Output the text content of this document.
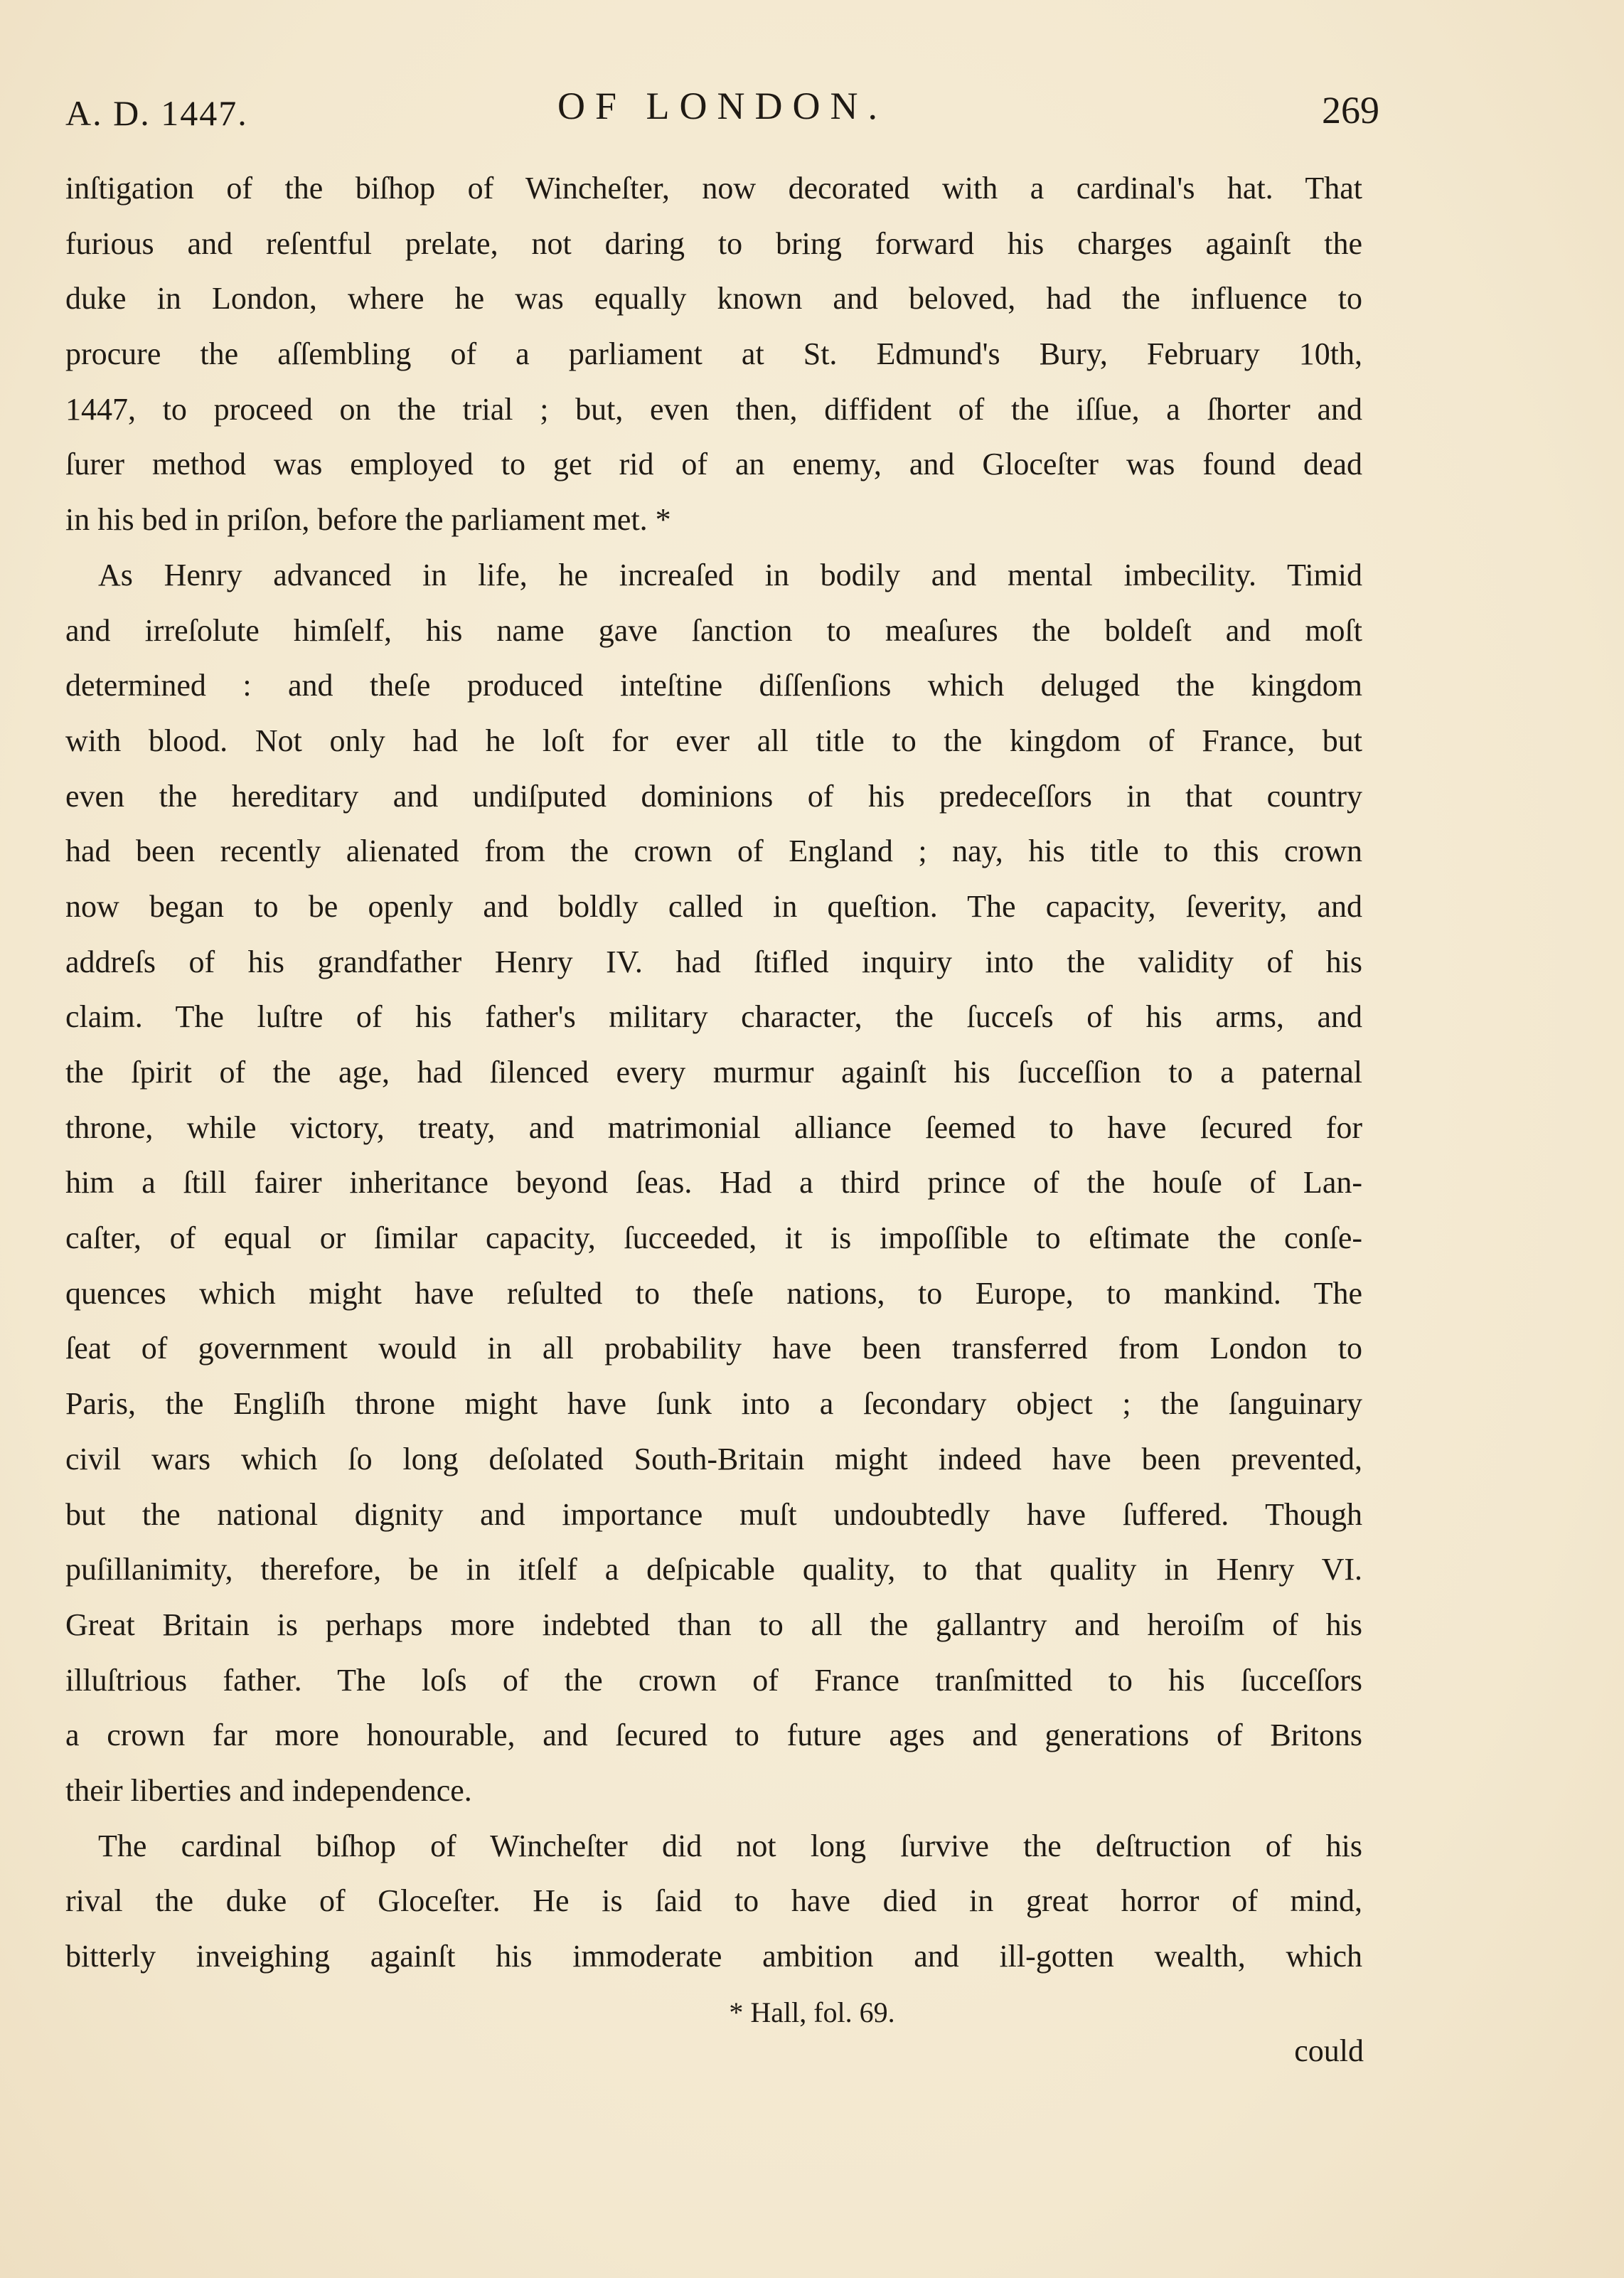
A. D. 1447.	OF LONDON.	269
inſtigation of the biſhop of Wincheſter, now decorated with a cardinal's hat. That
furious and reſentful prelate, not daring to bring forward his charges againſt the
duke in London, where he was equally known and beloved, had the influence to
procure the aſſembling of a parliament at St. Edmund's Bury, February 10th,
1447, to proceed on the trial ; but, even then, diffident of the iſſue, a ſhorter and
ſurer method was employed to get rid of an enemy, and Gloceſter was found dead
in his bed in priſon, before the parliament met. *
As Henry advanced in life, he increaſed in bodily and mental imbecility. Timid
and irreſolute himſelf, his name gave ſanction to meaſures the boldeſt and moſt
determined : and theſe produced inteſtine diſſenſions which deluged the kingdom
with blood. Not only had he loſt for ever all title to the kingdom of France, but
even the hereditary and undiſputed dominions of his predeceſſors in that country
had been recently alienated from the crown of England ; nay, his title to this crown
now began to be openly and boldly called in queſtion. The capacity, ſeverity, and
addreſs of his grandfather Henry IV. had ſtifled inquiry into the validity of his
claim. The luſtre of his father's military character, the ſucceſs of his arms, and
the ſpirit of the age, had ſilenced every murmur againſt his ſucceſſion to a paternal
throne, while victory, treaty, and matrimonial alliance ſeemed to have ſecured for
him a ſtill fairer inheritance beyond ſeas. Had a third prince of the houſe of Lan-
caſter, of equal or ſimilar capacity, ſucceeded, it is impoſſible to eſtimate the conſe-
quences which might have reſulted to theſe nations, to Europe, to mankind. The
ſeat of government would in all probability have been transferred from London to
Paris, the Engliſh throne might have ſunk into a ſecondary object ; the ſanguinary
civil wars which ſo long deſolated South-Britain might indeed have been prevented,
but the national dignity and importance muſt undoubtedly have ſuffered. Though
puſillanimity, therefore, be in itſelf a deſpicable quality, to that quality in Henry VI.
Great Britain is perhaps more indebted than to all the gallantry and heroiſm of his
illuſtrious father. The loſs of the crown of France tranſmitted to his ſucceſſors
a crown far more honourable, and ſecured to future ages and generations of Britons
their liberties and independence.
The cardinal biſhop of Wincheſter did not long ſurvive the deſtruction of his
rival the duke of Gloceſter. He is ſaid to have died in great horror of mind,
bitterly inveighing againſt his immoderate ambition and ill-gotten wealth, which
* Hall, fol. 69.
could
